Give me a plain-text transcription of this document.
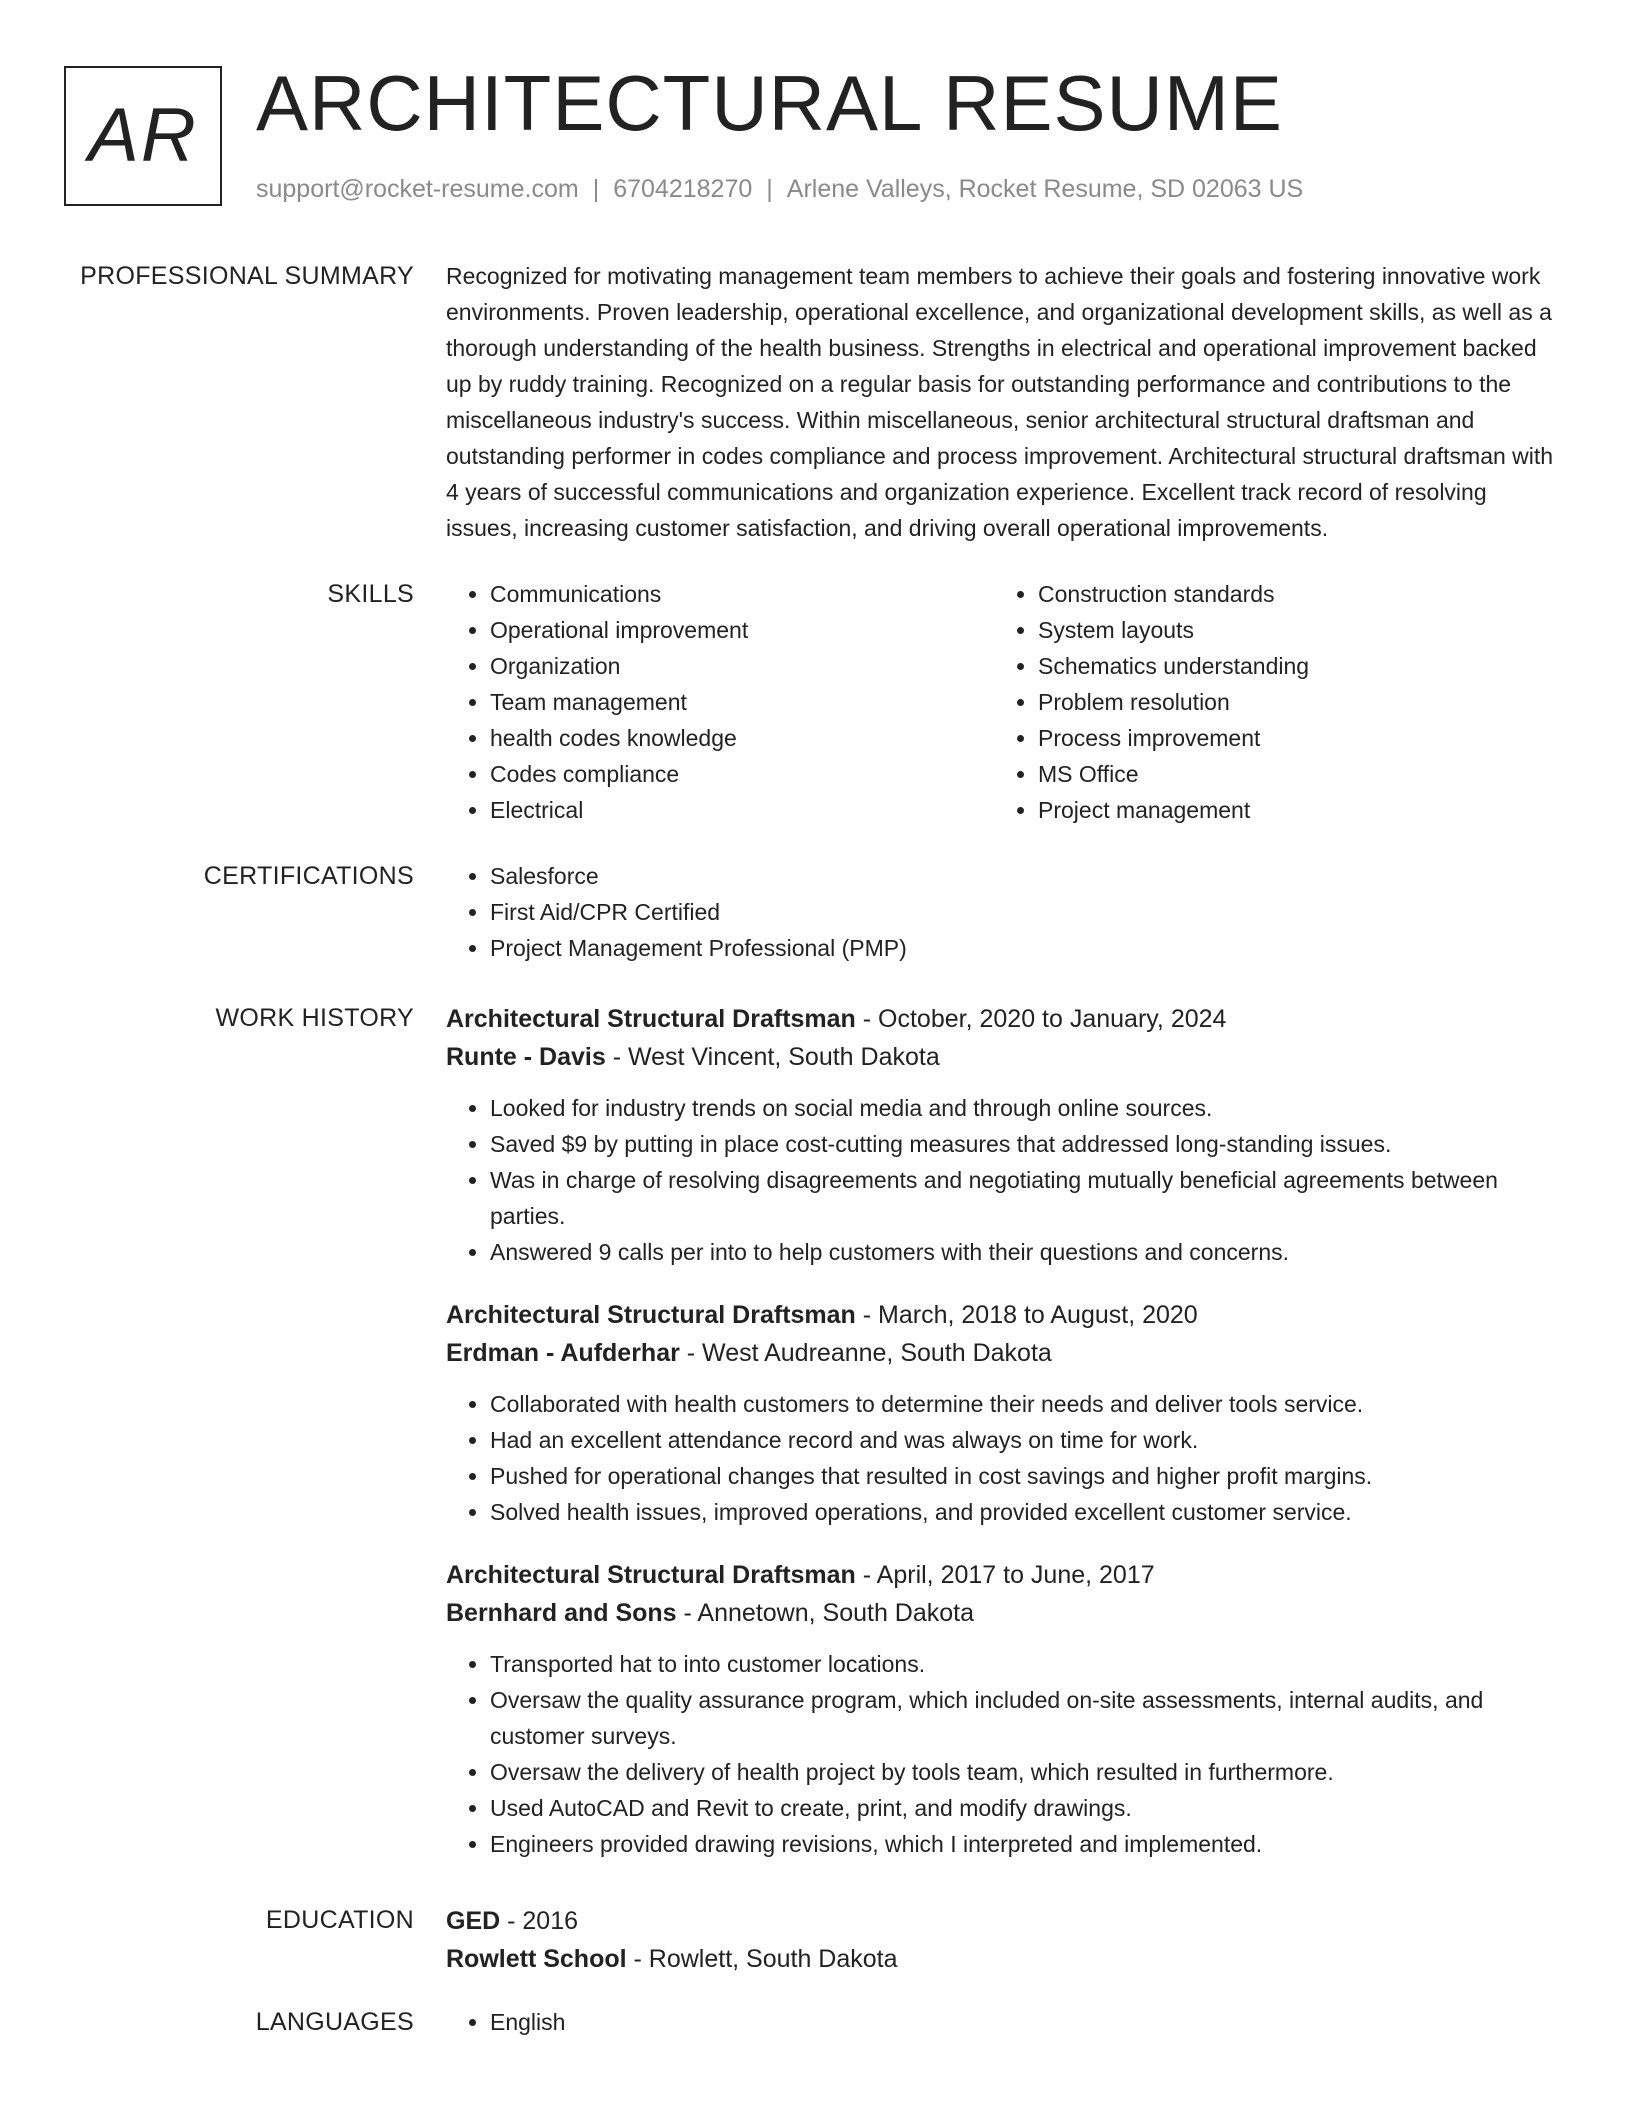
AR ARCHITECTURAL RESUME
support@rocket-resume.com | 6704218270 | Arlene Valleys, Rocket Resume, SD 02063 US
PROFESSIONAL SUMMARY Recognized for motivating management team members to achieve their goals and fostering innovative work environments. Proven leadership, operational excellence, and organizational development skills, as well as a thorough understanding of the health business. Strengths in electrical and operational improvement backed up by ruddy training. Recognized on a regular basis for outstanding performance and contributions to the miscellaneous industry's success. Within miscellaneous, senior architectural structural draftsman and outstanding performer in codes compliance and process improvement. Architectural structural draftsman with 4 years of successful communications and organization experience. Excellent track record of resolving issues, increasing customer satisfaction, and driving overall operational improvements.

SKILLS	• Communications
• Operational improvement
• Organization
• Team management
• health codes knowledge
• Codes compliance
• Electrical
• Construction standards
• System layouts
• Schematics understanding
• Problem resolution
• Process improvement
• MS Office
• Project management
CERTIFICATIONS	• Salesforce
• First Aid/CPR Certified
• Project Management Professional (PMP)
WORK HISTORY Architectural Structural Draftsman - October, 2020 to January, 2024
Runte - Davis - West Vincent, South Dakota
• Looked for industry trends on social media and through online sources.
• Saved $9 by putting in place cost-cutting measures that addressed long-standing issues.
• Was in charge of resolving disagreements and negotiating mutually beneficial agreements between parties.
• Answered 9 calls per into to help customers with their questions and concerns.
Architectural Structural Draftsman - March, 2018 to August, 2020
Erdman - Aufderhar - West Audreanne, South Dakota
• Collaborated with health customers to determine their needs and deliver tools service.
• Had an excellent attendance record and was always on time for work.
• Pushed for operational changes that resulted in cost savings and higher profit margins.
• Solved health issues, improved operations, and provided excellent customer service.
Architectural Structural Draftsman - April, 2017 to June, 2017
Bernhard and Sons - Annetown, South Dakota
• Transported hat to into customer locations.
• Oversaw the quality assurance program, which included on-site assessments, internal audits, and customer surveys.
• Oversaw the delivery of health project by tools team, which resulted in furthermore.
• Used AutoCAD and Revit to create, print, and modify drawings.
• Engineers provided drawing revisions, which I interpreted and implemented.
EDUCATION GED - 2016
Rowlett School - Rowlett, South Dakota
LANGUAGES	• English
